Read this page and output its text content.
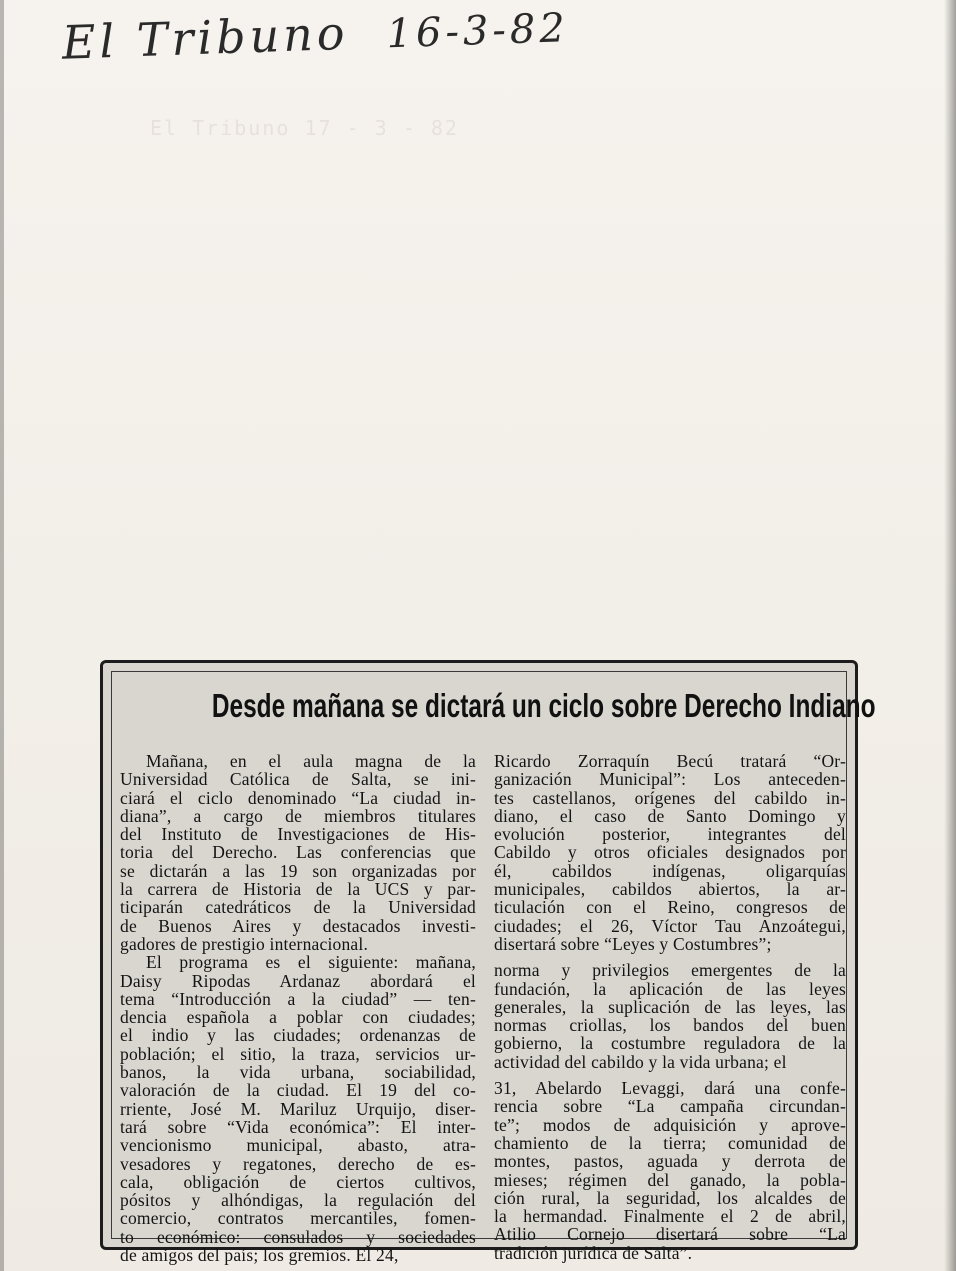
El Tribuno 16-3-82
El Tribuno 17 - 3 - 82
Desde mañana se dictará un ciclo sobre Derecho Indiano
Mañana, en el aula magna de la
Universidad Católica de Salta, se ini-
ciará el ciclo denominado “La ciudad in-
diana”, a cargo de miembros titulares
del Instituto de Investigaciones de His-
toria del Derecho. Las conferencias que
se dictarán a las 19 son organizadas por
la carrera de Historia de la UCS y par-
ticiparán catedráticos de la Universidad
de Buenos Aires y destacados investi-
gadores de prestigio internacional.
El programa es el siguiente: mañana,
Daisy Ripodas Ardanaz abordará el
tema “Introducción a la ciudad” — ten-
dencia española a poblar con ciudades;
el indio y las ciudades; ordenanzas de
población; el sitio, la traza, servicios ur-
banos, la vida urbana, sociabilidad,
valoración de la ciudad. El 19 del co-
rriente, José M. Mariluz Urquijo, diser-
tará sobre “Vida económica”: El inter-
vencionismo municipal, abasto, atra-
vesadores y regatones, derecho de es-
cala, obligación de ciertos cultivos,
pósitos y alhóndigas, la regulación del
comercio, contratos mercantiles, fomen-
to económico: consulados y sociedades
de amigos del país; los gremios. El 24,
Ricardo Zorraquín Becú tratará “Or-
ganización Municipal”: Los anteceden-
tes castellanos, orígenes del cabildo in-
diano, el caso de Santo Domingo y
evolución posterior, integrantes del
Cabildo y otros oficiales designados por
él, cabildos indígenas, oligarquías
municipales, cabildos abiertos, la ar-
ticulación con el Reino, congresos de
ciudades; el 26, Víctor Tau Anzoátegui,
disertará sobre “Leyes y Costumbres”;
norma y privilegios emergentes de la
fundación, la aplicación de las leyes
generales, la suplicación de las leyes, las
normas criollas, los bandos del buen
gobierno, la costumbre reguladora de la
actividad del cabildo y la vida urbana; el
31, Abelardo Levaggi, dará una confe-
rencia sobre “La campaña circundan-
te”; modos de adquisición y aprove-
chamiento de la tierra; comunidad de
montes, pastos, aguada y derrota de
mieses; régimen del ganado, la pobla-
ción rural, la seguridad, los alcaldes de
la hermandad. Finalmente el 2 de abril,
Atilio Cornejo disertará sobre “La
tradición jurídica de Salta”.
